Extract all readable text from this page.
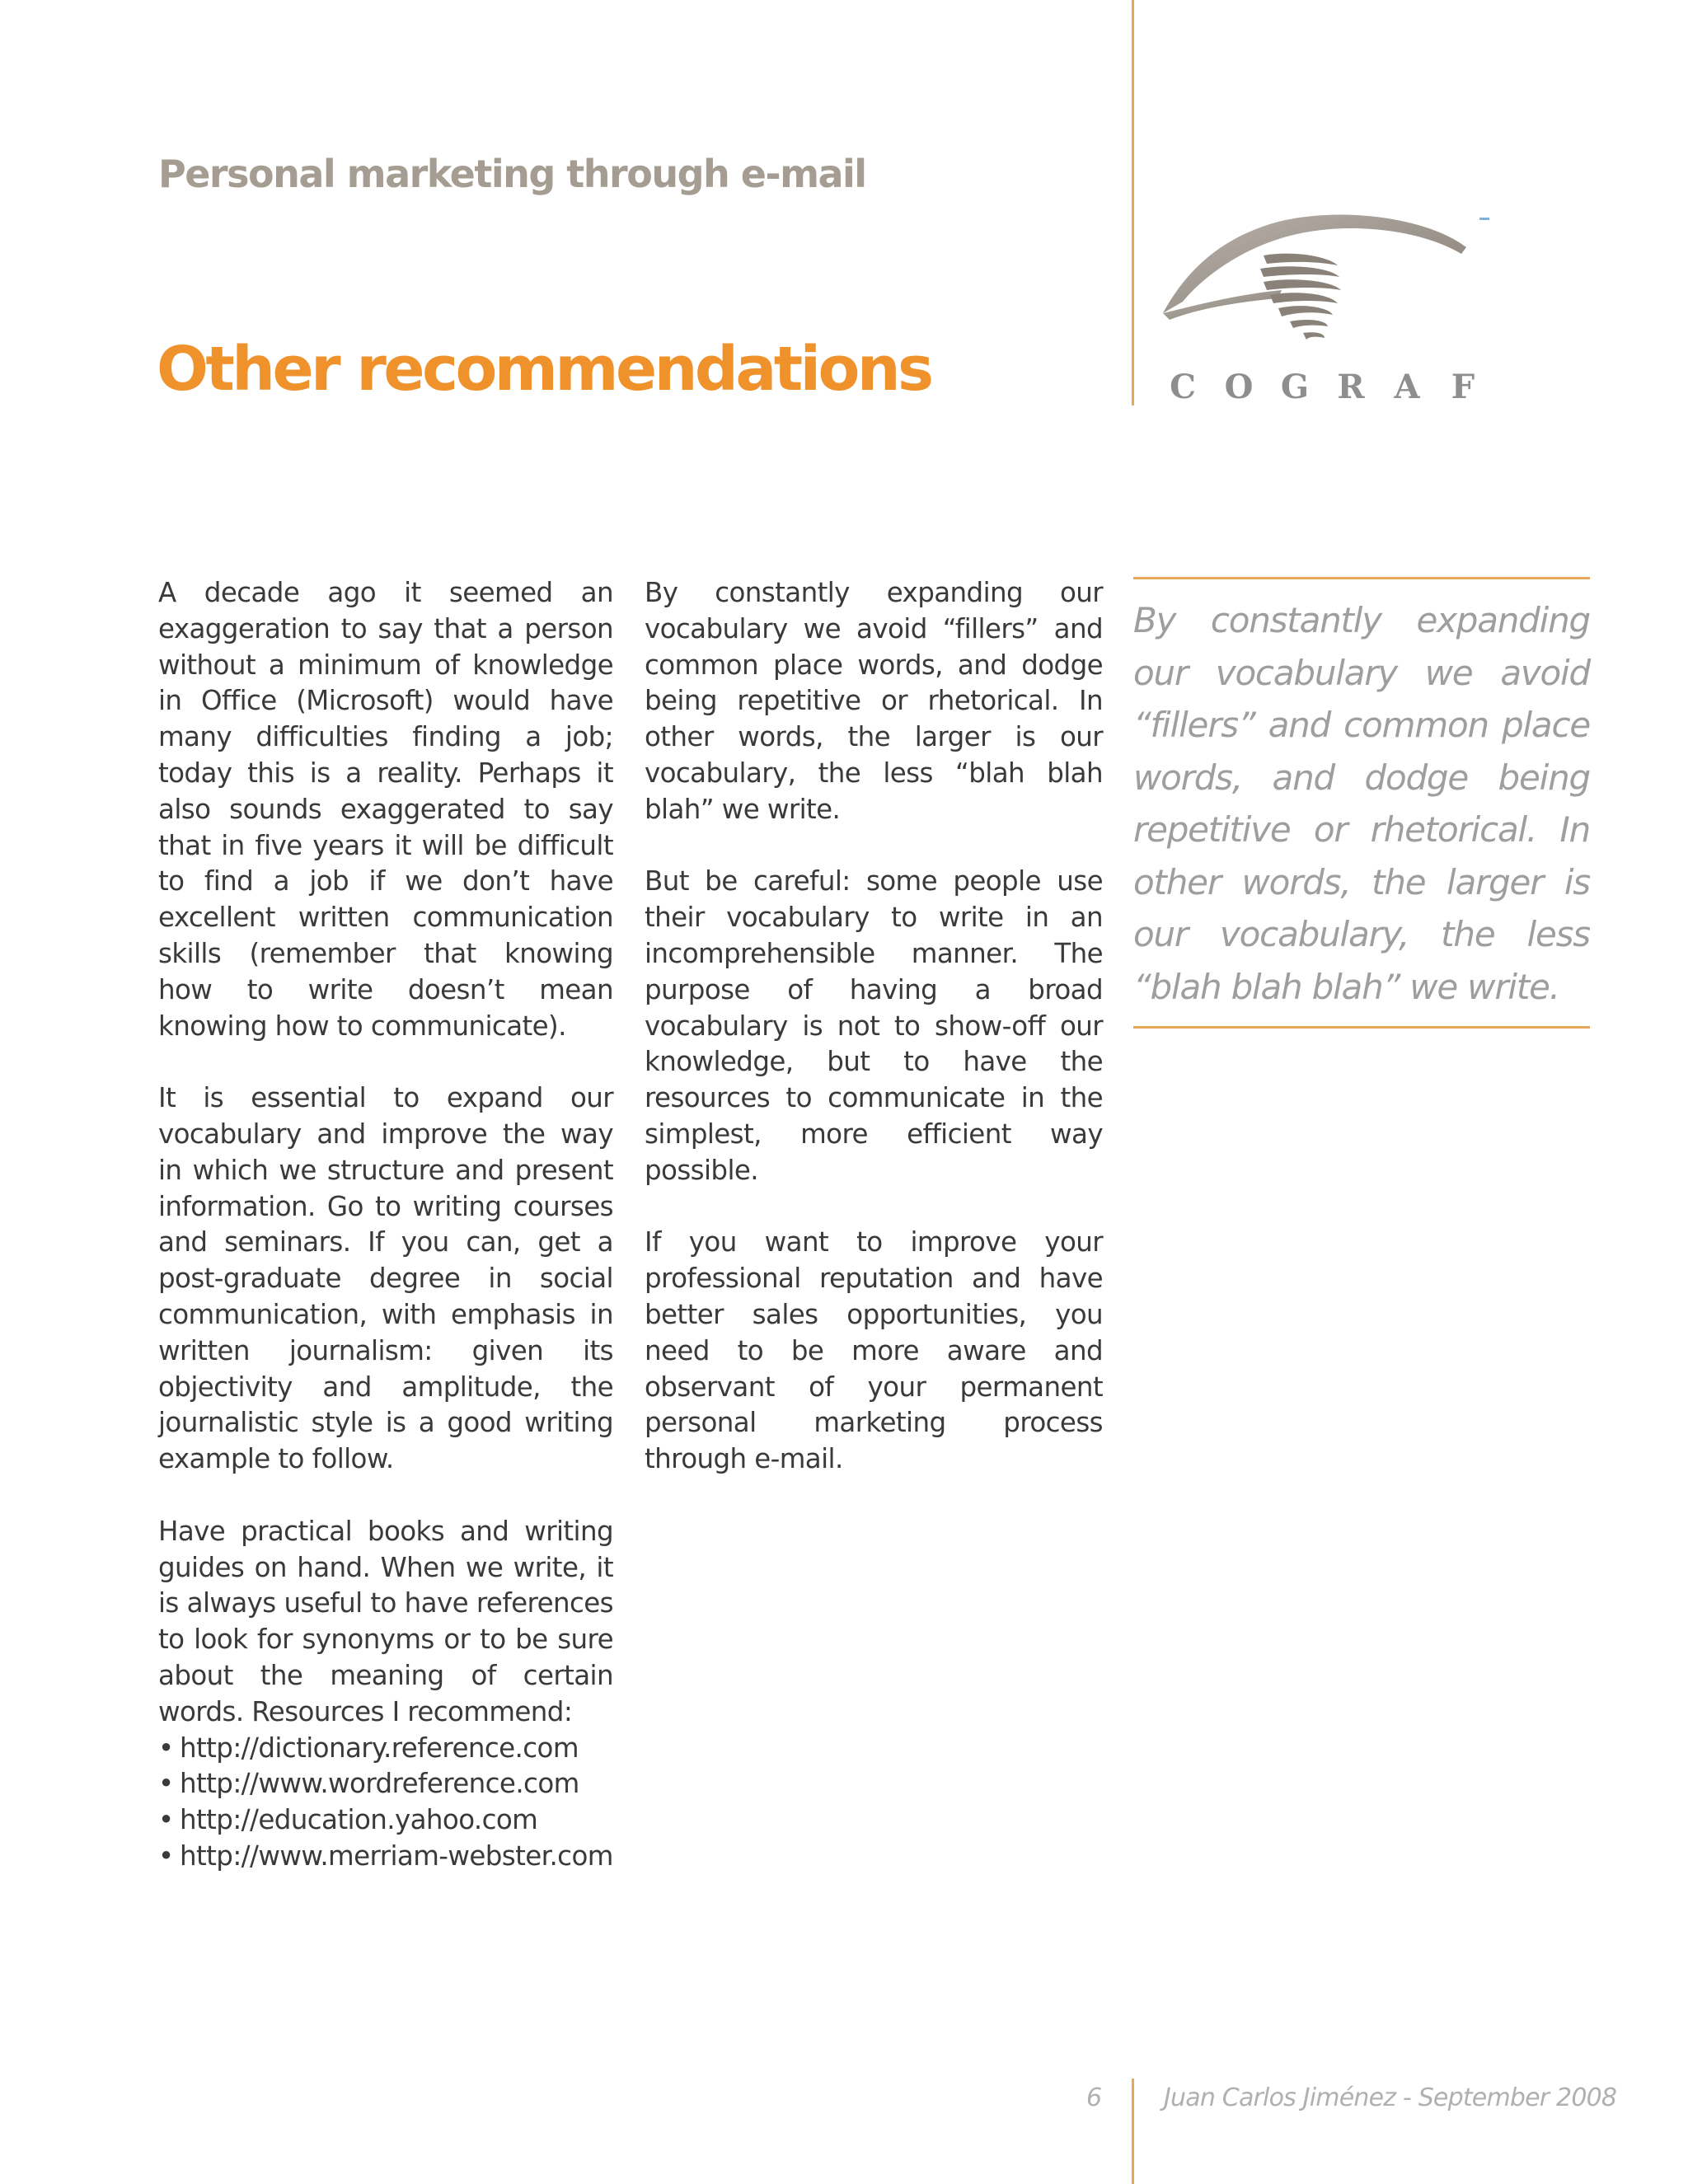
Personal marketing through e-mail
Other recommendations	C O G R A F

A decade ago it seemed an exaggeration to say that a person without a minimum of knowledge in Office (Microsoft) would have many difficulties finding a job; today this is a reality. Perhaps it also sounds exaggerated to say that in five years it will be difficult to find a job if we don’t have excellent written communication skills (remember that knowing how to write doesn’t mean knowing how to communicate).

It is essential to expand our vocabulary and improve the way in which we structure and present information. Go to writing courses and seminars. If you can, get a post-graduate degree in social communication, with emphasis in written journalism: given its objectivity and amplitude, the journalistic style is a good writing example to follow.

Have practical books and writing guides on hand. When we write, it is always useful to have references to look for synonyms or to be sure about the meaning of certain words. Resources I recommend:

• http://dictionary.reference.com
• http://www.wordreference.com
• http://education.yahoo.com
• http://www.merriam-webster.com

By constantly expanding our vocabulary we avoid “fillers” and common place words, and dodge being repetitive or rhetorical. In other words, the larger is our vocabulary, the less “blah blah blah” we write.

But be careful: some people use their vocabulary to write in an incomprehensible manner. The purpose of having a broad vocabulary is not to show-off our knowledge, but to have the resources to communicate in the simplest, more efficient way possible.

If you want to improve your professional reputation and have better sales opportunities, you need to be more aware and observant of your permanent personal marketing process through e-mail.

By constantly expanding our vocabulary we avoid “fillers” and common place words, and dodge being repetitive or rhetorical. In other words, the larger is our vocabulary, the less “blah blah blah” we write.
6 Juan Carlos Jiménez - September 2008
